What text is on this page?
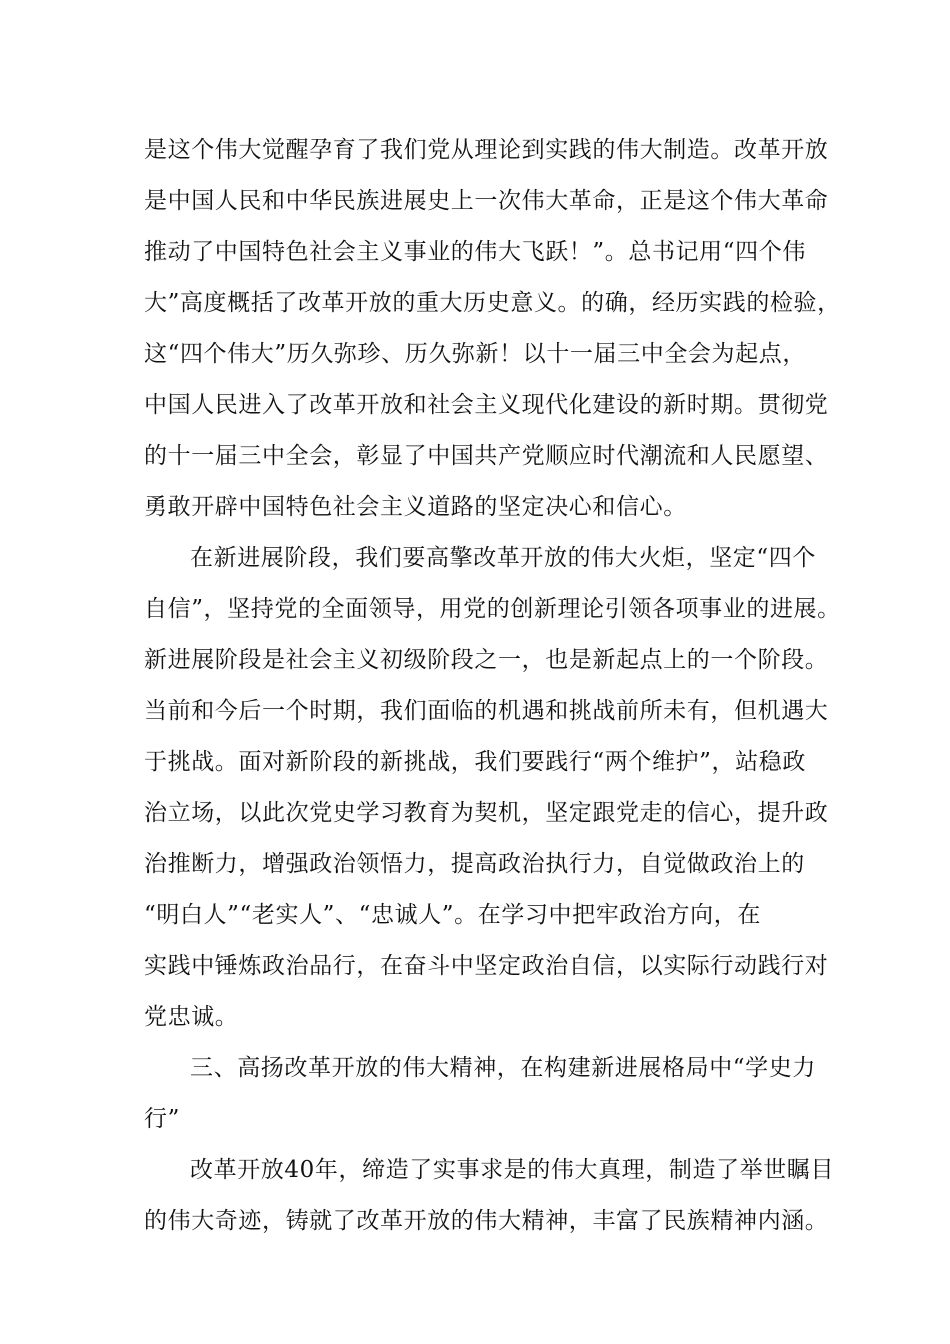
是这个伟大觉醒孕育了我们党从理论到实践的伟大制造。改革开放
是中国人民和中华民族进展史上一次伟大革命，正是这个伟大革命
推动了中国特色社会主义事业的伟大飞跃！”。总书记用“四个伟
大”高度概括了改革开放的重大历史意义。的确，经历实践的检验，
这“四个伟大”历久弥珍、历久弥新！以十一届三中全会为起点，
中国人民进入了改革开放和社会主义现代化建设的新时期。贯彻党
的十一届三中全会，彰显了中国共产党顺应时代潮流和人民愿望、
勇敢开辟中国特色社会主义道路的坚定决心和信心。
在新进展阶段，我们要高擎改革开放的伟大火炬，坚定“四个
自信”，坚持党的全面领导，用党的创新理论引领各项事业的进展。
新进展阶段是社会主义初级阶段之一，也是新起点上的一个阶段。
当前和今后一个时期，我们面临的机遇和挑战前所未有，但机遇大
于挑战。面对新阶段的新挑战，我们要践行“两个维护”，站稳政
治立场，以此次党史学习教育为契机，坚定跟党走的信心，提升政
治推断力，增强政治领悟力，提高政治执行力，自觉做政治上的
“明白人”“老实人”、“忠诚人”。在学习中把牢政治方向，在
实践中锤炼政治品行，在奋斗中坚定政治自信，以实际行动践行对
党忠诚。
三、高扬改革开放的伟大精神，在构建新进展格局中“学史力
行”
改革开放40年，缔造了实事求是的伟大真理，制造了举世瞩目
的伟大奇迹，铸就了改革开放的伟大精神，丰富了民族精神内涵。
